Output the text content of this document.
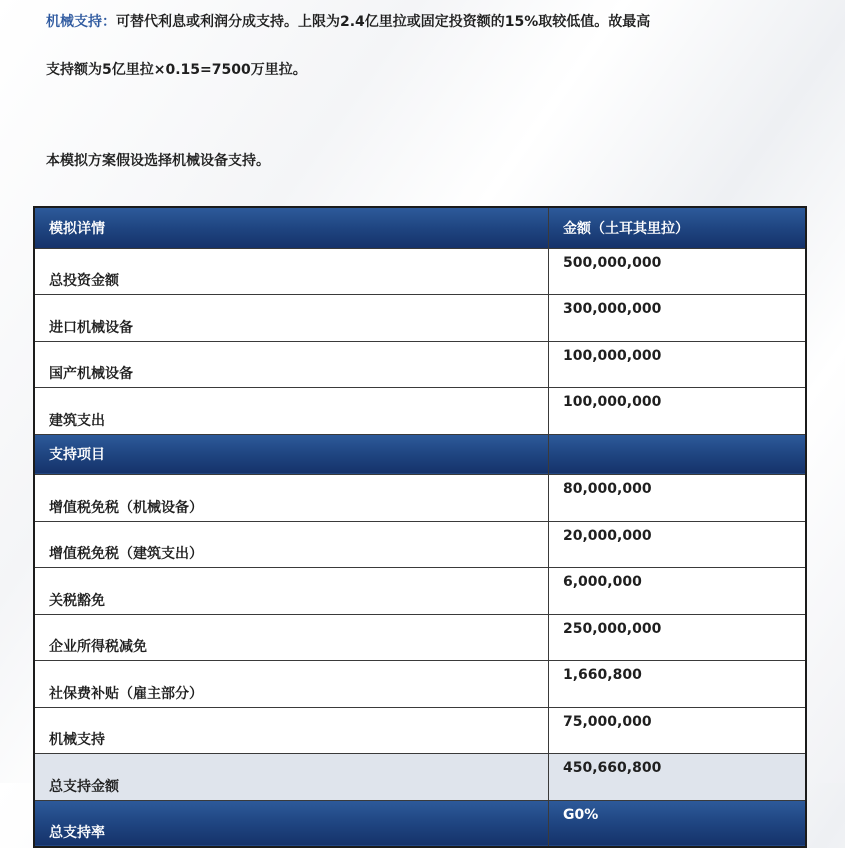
机械支持：可替代利息或利润分成支持。上限为2.4亿里拉或固定投资额的15%取较低值。故最高
支持额为5亿里拉×0.15=7500万里拉。
本模拟方案假设选择机械设备支持。
模拟详情	金额（土耳其里拉）
总投资金额	500,000,000
进口机械设备	300,000,000
国产机械设备	100,000,000
建筑支出	100,000,000
支持项目	
增值税免税（机械设备）	80,000,000
增值税免税（建筑支出）	20,000,000
关税豁免	6,000,000
企业所得税减免	250,000,000
社保费补贴（雇主部分）	1,660,800
机械支持	75,000,000
总支持金额	450,660,800
总支持率	G0%
